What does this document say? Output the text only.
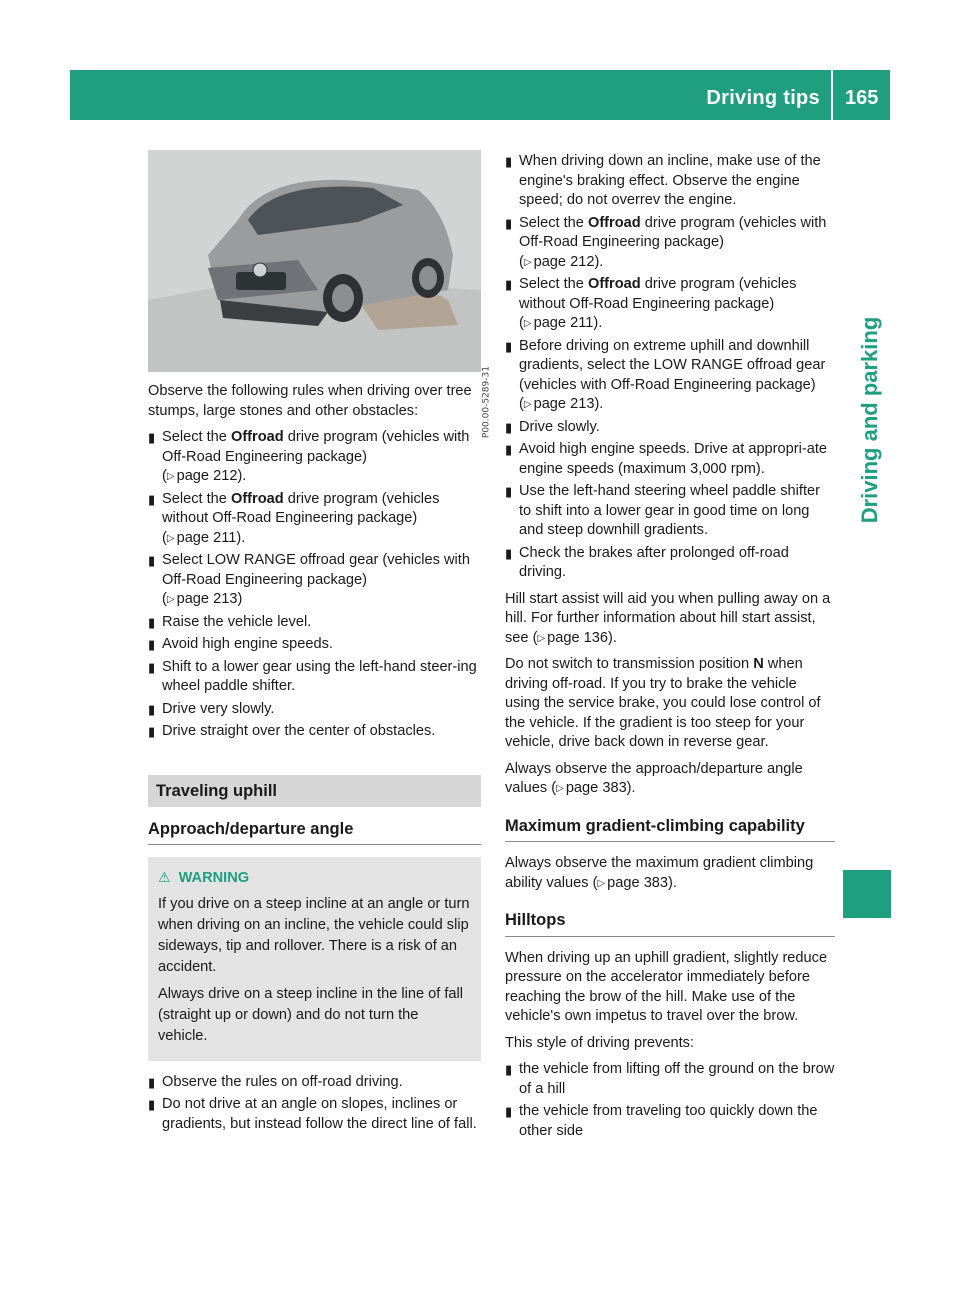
Driving tips 165
Driving and parking
P00.00-5289-31

Observe the following rules when driving over tree stumps, large stones and other obstacles:

▮ Select the Offroad drive program (vehicles with Off-Road Engineering package)
(▷ page 212).
▮ Select the Offroad drive program (vehicles without Off-Road Engineering package)
(▷ page 211).
▮ Select LOW RANGE offroad gear (vehicles with Off-Road Engineering package)
(▷ page 213)
▮ Raise the vehicle level.
▮ Avoid high engine speeds.
▮ Shift to a lower gear using the left-hand steer-ing wheel paddle shifter.
▮ Drive very slowly.
▮ Drive straight over the center of obstacles.
Traveling uphill
Approach/departure angle
⚠ WARNING

If you drive on a steep incline at an angle or turn when driving on an incline, the vehicle could slip sideways, tip and rollover. There is a risk of an accident.

Always drive on a steep incline in the line of fall (straight up or down) and do not turn the vehicle.

▮ Observe the rules on off-road driving.
▮ Do not drive at an angle on slopes, inclines or gradients, but instead follow the direct line of fall.
▮ When driving down an incline, make use of the engine's braking effect. Observe the engine speed; do not overrev the engine.
▮ Select the Offroad drive program (vehicles with Off-Road Engineering package)
(▷ page 212).
▮ Select the Offroad drive program (vehicles without Off-Road Engineering package)
(▷ page 211).
▮ Before driving on extreme uphill and downhill gradients, select the LOW RANGE offroad gear (vehicles with Off-Road Engineering package) (▷ page 213).
▮ Drive slowly.
▮ Avoid high engine speeds. Drive at appropri-ate engine speeds (maximum 3,000 rpm).
▮ Use the left-hand steering wheel paddle shifter to shift into a lower gear in good time on long and steep downhill gradients.
▮ Check the brakes after prolonged off-road driving.

Hill start assist will aid you when pulling away on a hill. For further information about hill start assist, see (▷ page 136).

Do not switch to transmission position N when driving off-road. If you try to brake the vehicle using the service brake, you could lose control of the vehicle. If the gradient is too steep for your vehicle, drive back down in reverse gear.

Always observe the approach/departure angle values (▷ page 383).

Maximum gradient-climbing capability

Always observe the maximum gradient climbing ability values (▷ page 383).

Hilltops

When driving up an uphill gradient, slightly reduce pressure on the accelerator immediately before reaching the brow of the hill. Make use of the vehicle's own impetus to travel over the brow.

This style of driving prevents:

▮ the vehicle from lifting off the ground on the brow of a hill
▮ the vehicle from traveling too quickly down the other side
